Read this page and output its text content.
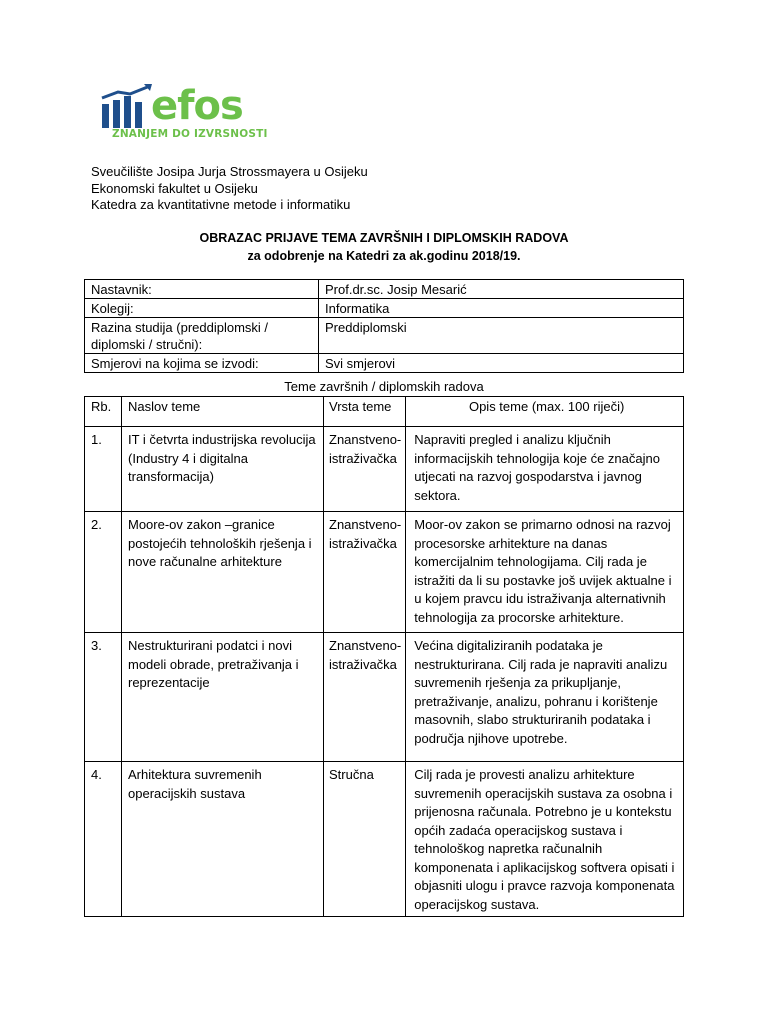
efos
ZNANJEM DO IZVRSNOSTI
Sveučilište Josipa Jurja Strossmayera u Osijeku
Ekonomski fakultet u Osijeku
Katedra za kvantitativne metode i informatiku
OBRAZAC PRIJAVE TEMA ZAVRŠNIH I DIPLOMSKIH RADOVA
za odobrenje na Katedri za ak.godinu 2018/19.
Nastavnik:	Prof.dr.sc. Josip Mesarić
Kolegij:	Informatika
Razina studija (preddiplomski / diplomski / stručni):	Preddiplomski
Smjerovi na kojima se izvodi:	Svi smjerovi
Teme završnih / diplomskih radova
Rb.	Naslov teme	Vrsta teme	Opis teme (max. 100 riječi)
1.	IT i četvrta industrijska revolucija (Industry 4 i digitalna transformacija)	Znanstveno-istraživačka	Napraviti pregled i analizu ključnih informacijskih tehnologija koje će značajno utjecati na razvoj gospodarstva i javnog sektora.
2.	Moore-ov zakon –granice postojećih tehnoloških rješenja i nove računalne arhitekture	Znanstveno-istraživačka	Moor-ov zakon se primarno odnosi na razvoj procesorske arhitekture na danas komercijalnim tehnologijama. Cilj rada je istražiti da li su postavke još uvijek aktualne i u kojem pravcu idu istraživanja alternativnih tehnologija za procorske arhitekture.
3.	Nestrukturirani podatci i novi modeli obrade, pretraživanja i reprezentacije	Znanstveno-istraživačka	Većina digitaliziranih podataka je nestrukturirana. Cilj rada je napraviti analizu suvremenih rješenja za prikupljanje, pretraživanje, analizu, pohranu i korištenje masovnih, slabo strukturiranih podataka i područja njihove upotrebe.
4.	Arhitektura suvremenih operacijskih sustava	Stručna	Cilj rada je provesti analizu arhitekture suvremenih operacijskih sustava za osobna i prijenosna računala. Potrebno je u kontekstu općih zadaća operacijskog sustava i tehnološkog napretka računalnih komponenata i aplikacijskog softvera opisati i objasniti ulogu i pravce razvoja komponenata operacijskog sustava.
